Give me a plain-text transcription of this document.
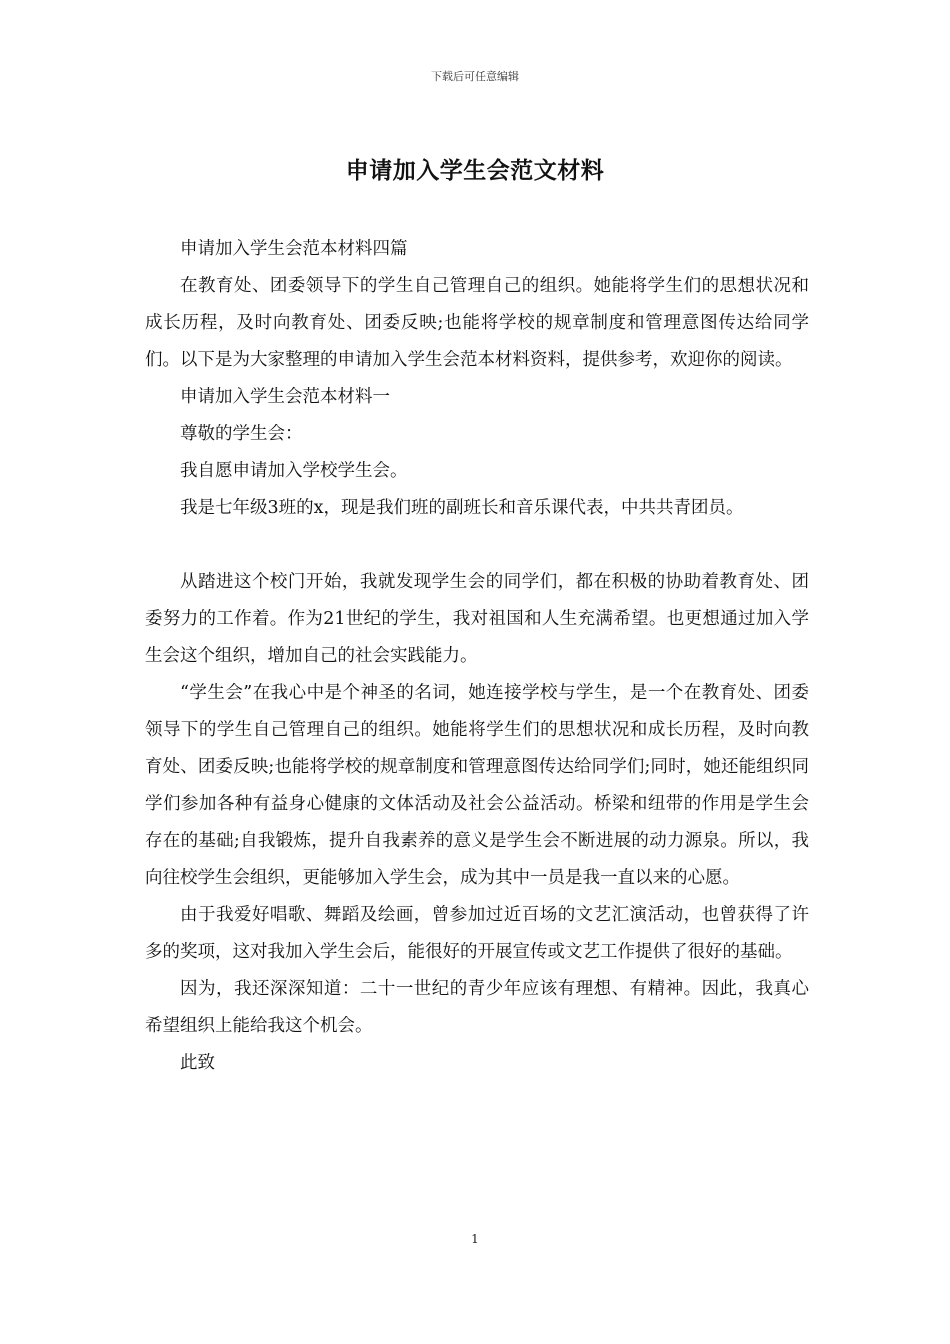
下载后可任意编辑
申请加入学生会范文材料

申请加入学生会范本材料四篇

在教育处、团委领导下的学生自己管理自己的组织。她能将学生们的思想状况和成长历程，及时向教育处、团委反映;也能将学校的规章制度和管理意图传达给同学们。以下是为大家整理的申请加入学生会范本材料资料，提供参考，欢迎你的阅读。

申请加入学生会范本材料一

尊敬的学生会：

我自愿申请加入学校学生会。

我是七年级3班的x，现是我们班的副班长和音乐课代表，中共共青团员。

从踏进这个校门开始，我就发现学生会的同学们，都在积极的协助着教育处、团委努力的工作着。作为21世纪的学生，我对祖国和人生充满希望。也更想通过加入学生会这个组织，增加自己的社会实践能力。

“学生会”在我心中是个神圣的名词，她连接学校与学生，是一个在教育处、团委领导下的学生自己管理自己的组织。她能将学生们的思想状况和成长历程，及时向教育处、团委反映;也能将学校的规章制度和管理意图传达给同学们;同时，她还能组织同学们参加各种有益身心健康的文体活动及社会公益活动。桥梁和纽带的作用是学生会存在的基础;自我锻炼，提升自我素养的意义是学生会不断进展的动力源泉。所以，我向往校学生会组织，更能够加入学生会，成为其中一员是我一直以来的心愿。

由于我爱好唱歌、舞蹈及绘画，曾参加过近百场的文艺汇演活动，也曾获得了许多的奖项，这对我加入学生会后，能很好的开展宣传或文艺工作提供了很好的基础。

因为，我还深深知道：二十一世纪的青少年应该有理想、有精神。因此，我真心希望组织上能给我这个机会。

此致

1
